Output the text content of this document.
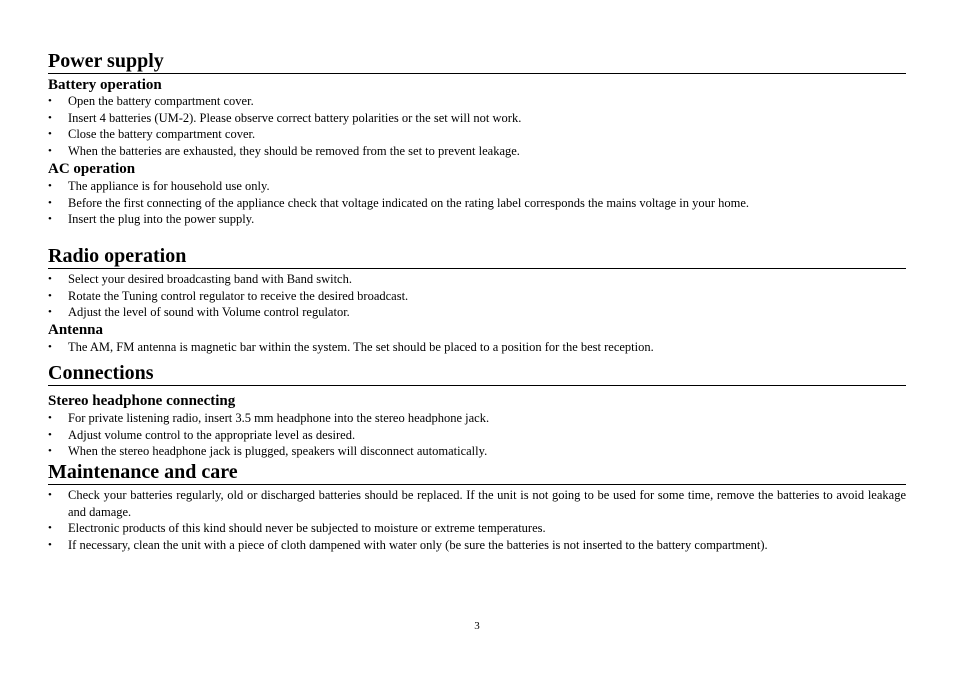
Power supply
Battery operation
• Open the battery compartment cover.
• Insert 4 batteries (UM-2). Please observe correct battery polarities or the set will not work.
• Close the battery compartment cover.
• When the batteries are exhausted, they should be removed from the set to prevent leakage.
AC operation
• The appliance is for household use only.
• Before the first connecting of the appliance check that voltage indicated on the rating label corresponds the mains voltage in your home.
• Insert the plug into the power supply.
Radio operation
• Select your desired broadcasting band with Band switch.
• Rotate the Tuning control regulator to receive the desired broadcast.
• Adjust the level of sound with Volume control regulator.
Antenna
• The AM, FM antenna is magnetic bar within the system. The set should be placed to a position for the best reception.
Connections
Stereo headphone connecting
• For private listening radio, insert 3.5 mm headphone into the stereo headphone jack.
• Adjust volume control to the appropriate level as desired.
• When the stereo headphone jack is plugged, speakers will disconnect automatically.
Maintenance and care
• Check your batteries regularly, old or discharged batteries should be replaced. If the unit is not going to be used for some time, remove the batteries to avoid leakage and damage.
• Electronic products of this kind should never be subjected to moisture or extreme temperatures.
• If necessary, clean the unit with a piece of cloth dampened with water only (be sure the batteries is not inserted to the battery compartment).
3
